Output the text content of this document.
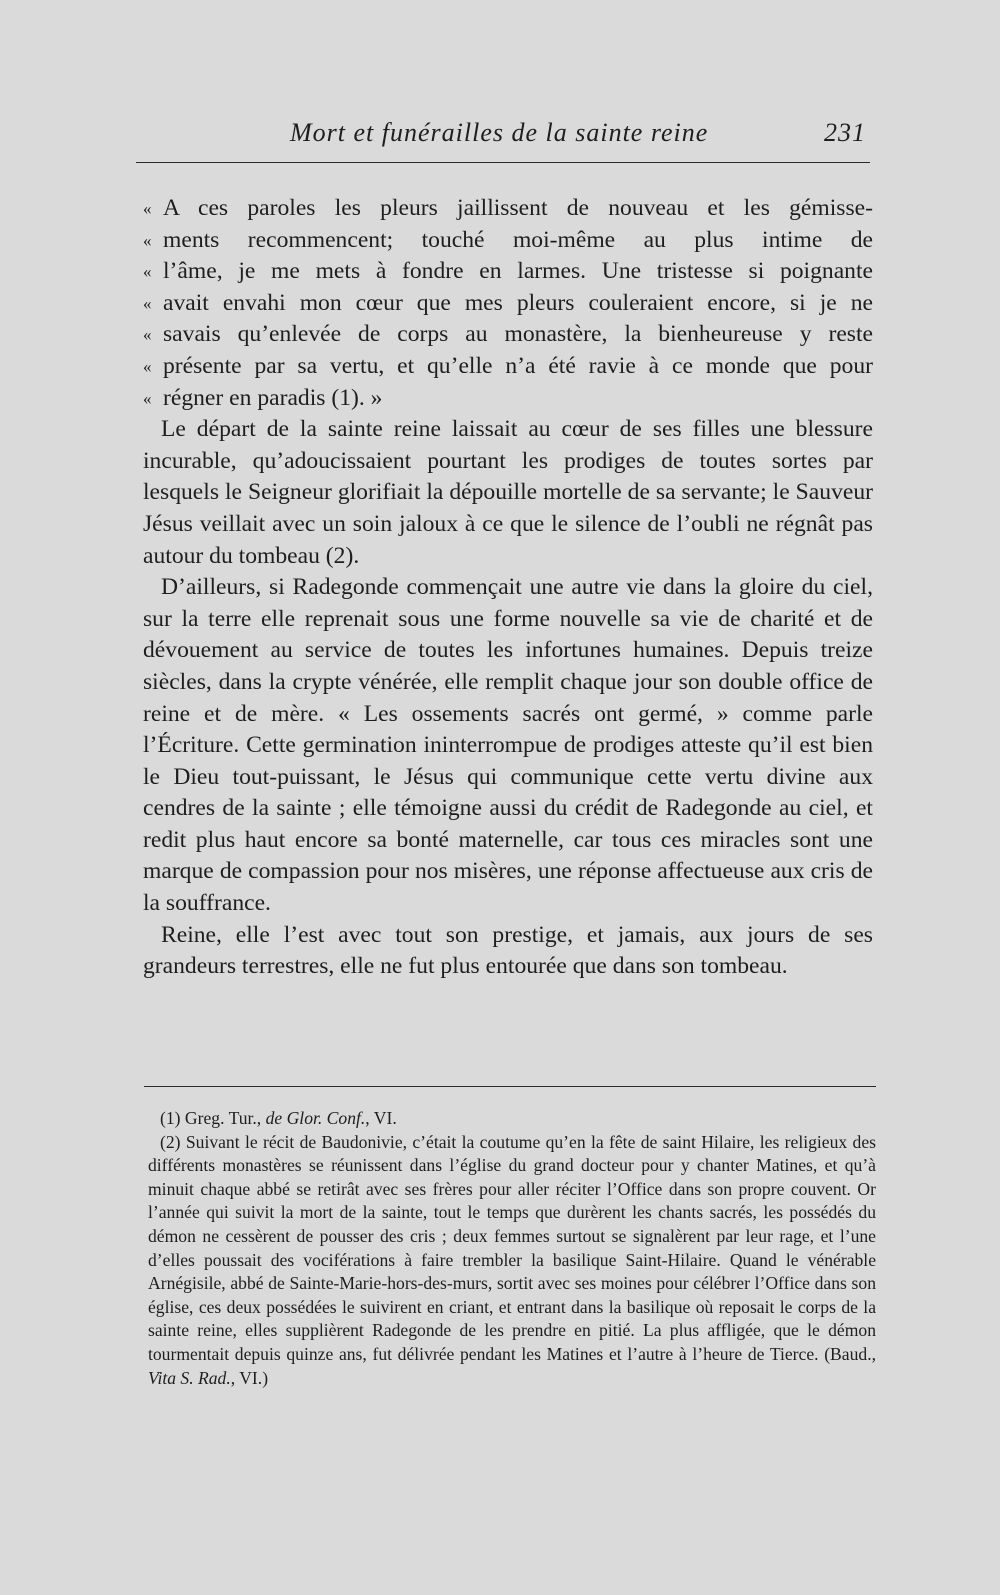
Mort et funérailles de la sainte reine	231
« A ces paroles les pleurs jaillissent de nouveau et les gémisse-
« ments recommencent; touché moi-même au plus intime de
« l’âme, je me mets à fondre en larmes. Une tristesse si poignante
« avait envahi mon cœur que mes pleurs couleraient encore, si je ne
« savais qu’enlevée de corps au monastère, la bienheureuse y reste
« présente par sa vertu, et qu’elle n’a été ravie à ce monde que pour
« régner en paradis (1). »

Le départ de la sainte reine laissait au cœur de ses filles une blessure incurable, qu’adoucissaient pourtant les prodiges de toutes sortes par lesquels le Seigneur glorifiait la dépouille mortelle de sa servante; le Sauveur Jésus veillait avec un soin jaloux à ce que le silence de l’oubli ne régnât pas autour du tombeau (2).

D’ailleurs, si Radegonde commençait une autre vie dans la gloire du ciel, sur la terre elle reprenait sous une forme nouvelle sa vie de charité et de dévouement au service de toutes les infortunes humaines. Depuis treize siècles, dans la crypte vénérée, elle remplit chaque jour son double office de reine et de mère. « Les ossements sacrés ont germé, » comme parle l’Écriture. Cette germination ininterrompue de prodiges atteste qu’il est bien le Dieu tout-puissant, le Jésus qui communique cette vertu divine aux cendres de la sainte ; elle témoigne aussi du crédit de Radegonde au ciel, et redit plus haut encore sa bonté maternelle, car tous ces miracles sont une marque de compassion pour nos misères, une réponse affectueuse aux cris de la souffrance.

Reine, elle l’est avec tout son prestige, et jamais, aux jours de ses grandeurs terrestres, elle ne fut plus entourée que dans son tombeau.

(1) Greg. Tur., de Glor. Conf., VI.

(2) Suivant le récit de Baudonivie, c’était la coutume qu’en la fête de saint Hilaire, les religieux des différents monastères se réunissent dans l’église du grand docteur pour y chanter Matines, et qu’à minuit chaque abbé se retirât avec ses frères pour aller réciter l’Office dans son propre couvent. Or l’année qui suivit la mort de la sainte, tout le temps que durèrent les chants sacrés, les possédés du démon ne cessèrent de pousser des cris ; deux femmes surtout se signalèrent par leur rage, et l’une d’elles poussait des vociférations à faire trembler la basilique Saint-Hilaire. Quand le vénérable Arnégisile, abbé de Sainte-Marie-hors-des-murs, sortit avec ses moines pour célébrer l’Office dans son église, ces deux possédées le suivirent en criant, et entrant dans la basilique où reposait le corps de la sainte reine, elles supplièrent Radegonde de les prendre en pitié. La plus affligée, que le démon tourmentait depuis quinze ans, fut délivrée pendant les Matines et l’autre à l’heure de Tierce. (Baud., Vita S. Rad., VI.)
